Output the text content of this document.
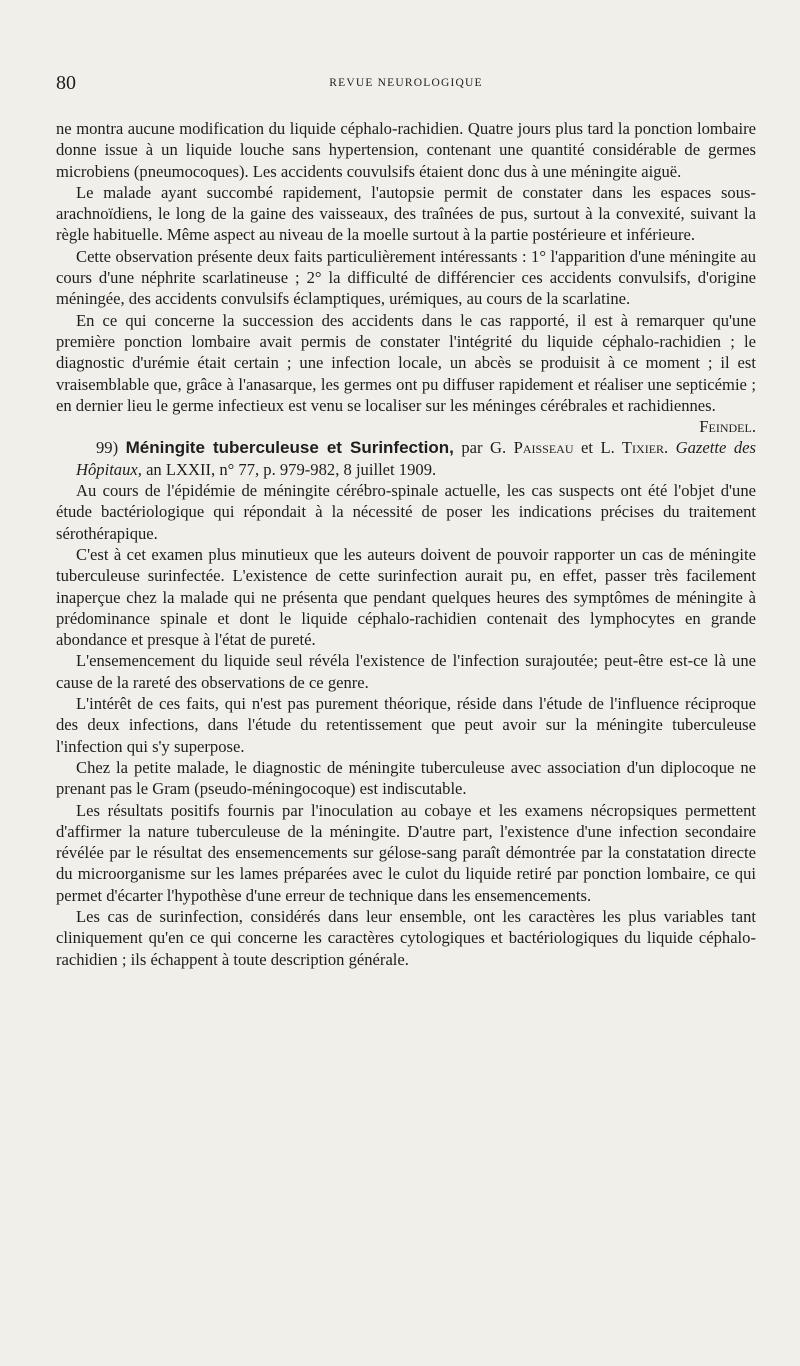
80	REVUE NEUROLOGIQUE

ne montra aucune modification du liquide céphalo-rachidien. Quatre jours plus tard la ponction lombaire donne issue à un liquide louche sans hypertension, contenant une quantité considérable de germes microbiens (pneumocoques). Les accidents couvulsifs étaient donc dus à une méningite aiguë.

Le malade ayant succombé rapidement, l'autopsie permit de constater dans les espaces sous-arachnoïdiens, le long de la gaine des vaisseaux, des traînées de pus, surtout à la convexité, suivant la règle habituelle. Même aspect au niveau de la moelle surtout à la partie postérieure et inférieure.

Cette observation présente deux faits particulièrement intéressants : 1° l'apparition d'une méningite au cours d'une néphrite scarlatineuse ; 2° la difficulté de différencier ces accidents convulsifs, d'origine méningée, des accidents convulsifs éclamptiques, urémiques, au cours de la scarlatine.

En ce qui concerne la succession des accidents dans le cas rapporté, il est à remarquer qu'une première ponction lombaire avait permis de constater l'intégrité du liquide céphalo-rachidien ; le diagnostic d'urémie était certain ; une infection locale, un abcès se produisit à ce moment ; il est vraisemblable que, grâce à l'anasarque, les germes ont pu diffuser rapidement et réaliser une septicémie ; en dernier lieu le germe infectieux est venu se localiser sur les méninges cérébrales et rachidiennes.

Feindel.

99) Méningite tuberculeuse et Surinfection, par G. Paisseau et L. Tixier. Gazette des Hôpitaux, an LXXII, n° 77, p. 979-982, 8 juillet 1909.

Au cours de l'épidémie de méningite cérébro-spinale actuelle, les cas suspects ont été l'objet d'une étude bactériologique qui répondait à la nécessité de poser les indications précises du traitement sérothérapique.

C'est à cet examen plus minutieux que les auteurs doivent de pouvoir rapporter un cas de méningite tuberculeuse surinfectée. L'existence de cette surinfection aurait pu, en effet, passer très facilement inaperçue chez la malade qui ne présenta que pendant quelques heures des symptômes de méningite à prédominance spinale et dont le liquide céphalo-rachidien contenait des lymphocytes en grande abondance et presque à l'état de pureté.

L'ensemencement du liquide seul révéla l'existence de l'infection surajoutée; peut-être est-ce là une cause de la rareté des observations de ce genre.

L'intérêt de ces faits, qui n'est pas purement théorique, réside dans l'étude de l'influence réciproque des deux infections, dans l'étude du retentissement que peut avoir sur la méningite tuberculeuse l'infection qui s'y superpose.

Chez la petite malade, le diagnostic de méningite tuberculeuse avec association d'un diplocoque ne prenant pas le Gram (pseudo-méningocoque) est indiscutable.

Les résultats positifs fournis par l'inoculation au cobaye et les examens nécropsiques permettent d'affirmer la nature tuberculeuse de la méningite. D'autre part, l'existence d'une infection secondaire révélée par le résultat des ensemencements sur gélose-sang paraît démontrée par la constatation directe du microorganisme sur les lames préparées avec le culot du liquide retiré par ponction lombaire, ce qui permet d'écarter l'hypothèse d'une erreur de technique dans les ensemencements.

Les cas de surinfection, considérés dans leur ensemble, ont les caractères les plus variables tant cliniquement qu'en ce qui concerne les caractères cytologiques et bactériologiques du liquide céphalo-rachidien ; ils échappent à toute description générale.
